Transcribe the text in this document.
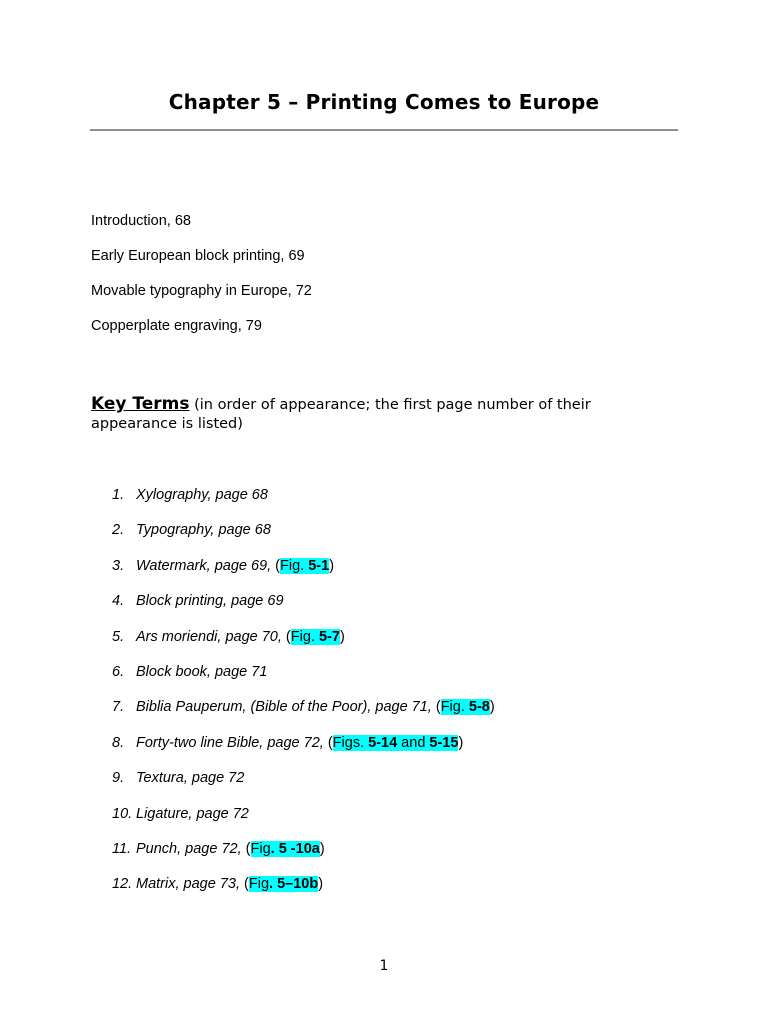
Chapter 5 – Printing Comes to Europe
Introduction, 68
Early European block printing, 69
Movable typography in Europe, 72
Copperplate engraving, 79
Key Terms (in order of appearance; the first page number of their appearance is listed)
1. Xylography, page 68
2. Typography, page 68
3. Watermark, page 69, (Fig. 5-1)
4. Block printing, page 69
5. Ars moriendi, page 70, (Fig. 5-7)
6. Block book, page 71
7. Biblia Pauperum, (Bible of the Poor), page 71, (Fig. 5-8)
8. Forty-two line Bible, page 72, (Figs. 5-14 and 5-15)
9. Textura, page 72
10. Ligature, page 72
11. Punch, page 72, (Fig. 5 -10a)
12. Matrix, page 73, (Fig. 5–10b)
1
